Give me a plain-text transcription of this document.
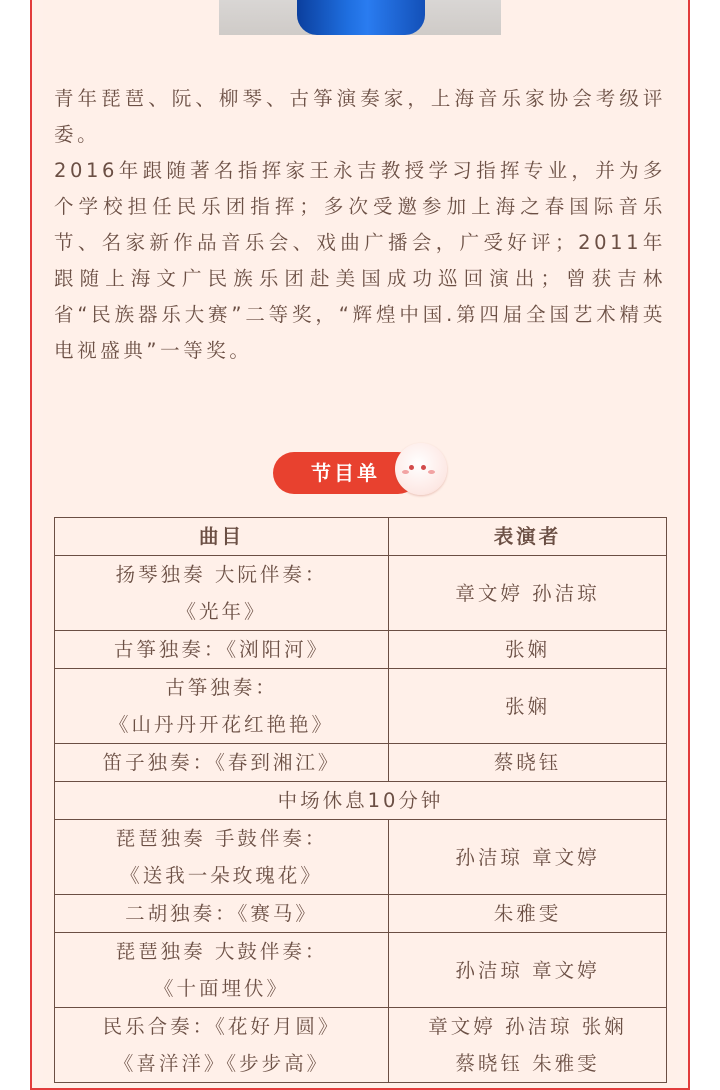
青年琵琶、阮、柳琴、古筝演奏家，上海音乐家协会考级评委。

2016年跟随著名指挥家王永吉教授学习指挥专业，并为多个学校担任民乐团指挥；多次受邀参加上海之春国际音乐节、名家新作品音乐会、戏曲广播会，广受好评；2011年跟随上海文广民族乐团赴美国成功巡回演出；曾获吉林省“民族器乐大赛”二等奖，“辉煌中国.第四届全国艺术精英电视盛典”一等奖。

节目单
曲目	表演者

扬琴独奏 大阮伴奏：
《光年》	章文婷 孙洁琼

古筝独奏：《浏阳河》	张娴

古筝独奏：
《山丹丹开花红艳艳》	张娴

笛子独奏：《春到湘江》	蔡晓钰

中场休息10分钟	

琵琶独奏 手鼓伴奏：
《送我一朵玫瑰花》	孙洁琼 章文婷

二胡独奏：《赛马》	朱雅雯

琵琶独奏 大鼓伴奏：
《十面埋伏》	孙洁琼 章文婷

民乐合奏：《花好月圆》
《喜洋洋》《步步高》	章文婷 孙洁琼 张娴
蔡晓钰 朱雅雯
